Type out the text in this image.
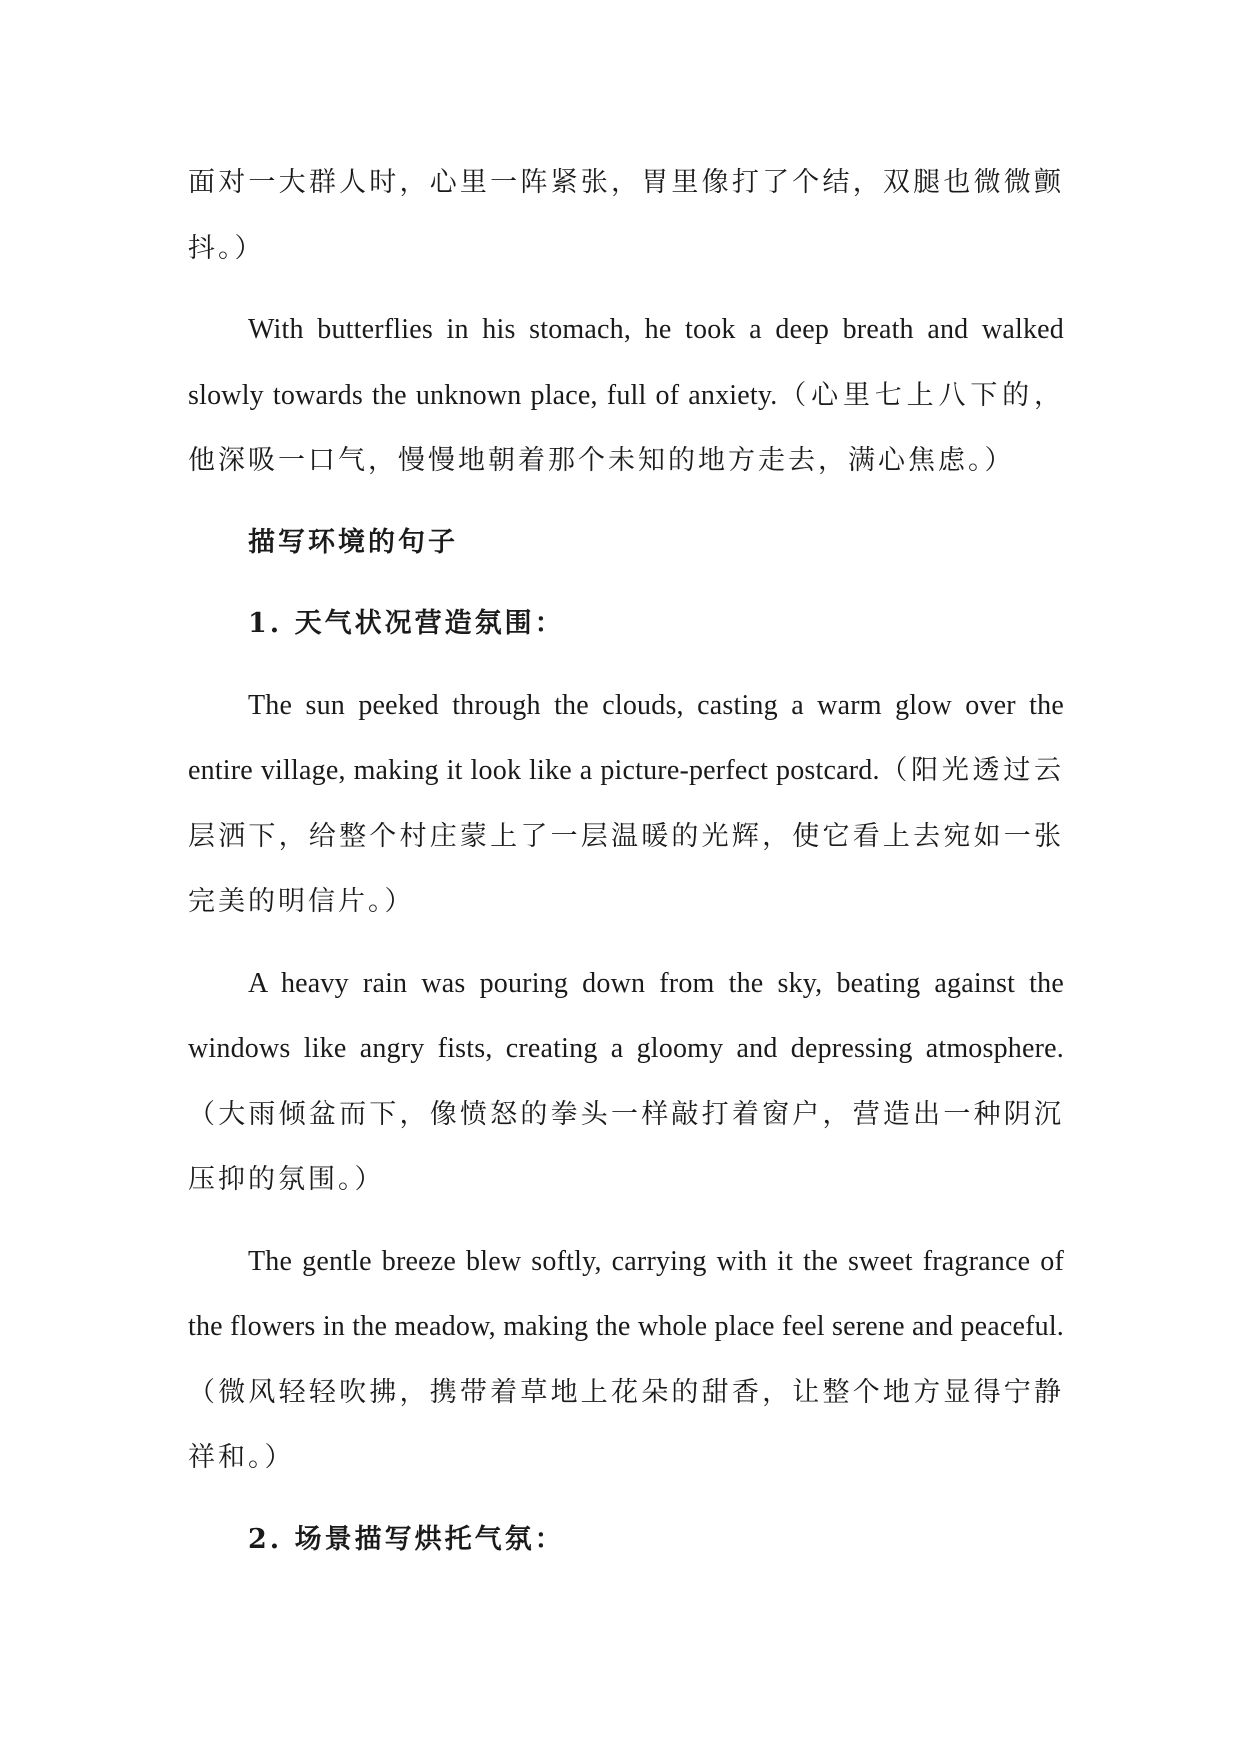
面对一大群人时，心里一阵紧张，胃里像打了个结，双腿也微微颤抖。）

With butterflies in his stomach, he took a deep breath and walked slowly towards the unknown place, full of anxiety.（心里七上八下的，他深吸一口气，慢慢地朝着那个未知的地方走去，满心焦虑。）

描写环境的句子

1. 天气状况营造氛围：

The sun peeked through the clouds, casting a warm glow over the entire village, making it look like a picture-perfect postcard.（阳光透过云层洒下，给整个村庄蒙上了一层温暖的光辉，使它看上去宛如一张完美的明信片。）

A heavy rain was pouring down from the sky, beating against the windows like angry fists, creating a gloomy and depressing atmosphere.（大雨倾盆而下，像愤怒的拳头一样敲打着窗户，营造出一种阴沉压抑的氛围。）

The gentle breeze blew softly, carrying with it the sweet fragrance of the flowers in the meadow, making the whole place feel serene and peaceful.（微风轻轻吹拂，携带着草地上花朵的甜香，让整个地方显得宁静祥和。）

2. 场景描写烘托气氛：
